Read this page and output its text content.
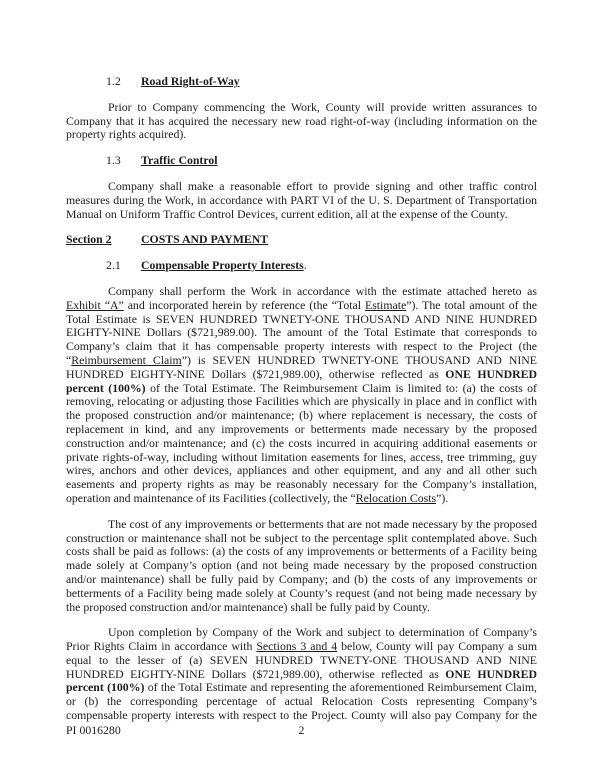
1.2 Road Right-of-Way

Prior to Company commencing the Work, County will provide written assurances to Company that it has acquired the necessary new road right-of-way (including information on the property rights acquired).

1.3 Traffic Control

Company shall make a reasonable effort to provide signing and other traffic control measures during the Work, in accordance with PART VI of the U. S. Department of Transportation Manual on Uniform Traffic Control Devices, current edition, all at the expense of the County.

Section 2 COSTS AND PAYMENT
2.1 Compensable Property Interests.

Company shall perform the Work in accordance with the estimate attached hereto as Exhibit “A” and incorporated herein by reference (the “Total Estimate”). The total amount of the Total Estimate is SEVEN HUNDRED TWNETY-ONE THOUSAND AND NINE HUNDRED EIGHTY-NINE Dollars ($721,989.00). The amount of the Total Estimate that corresponds to Company’s claim that it has compensable property interests with respect to the Project (the “Reimbursement Claim”) is SEVEN HUNDRED TWNETY-ONE THOUSAND AND NINE HUNDRED EIGHTY-NINE Dollars ($721,989.00), otherwise reflected as ONE HUNDRED percent (100%) of the Total Estimate. The Reimbursement Claim is limited to: (a) the costs of removing, relocating or adjusting those Facilities which are physically in place and in conflict with the proposed construction and/or maintenance; (b) where replacement is necessary, the costs of replacement in kind, and any improvements or betterments made necessary by the proposed construction and/or maintenance; and (c) the costs incurred in acquiring additional easements or private rights-of-way, including without limitation easements for lines, access, tree trimming, guy wires, anchors and other devices, appliances and other equipment, and any and all other such easements and property rights as may be reasonably necessary for the Company’s installation, operation and maintenance of its Facilities (collectively, the “Relocation Costs”).

The cost of any improvements or betterments that are not made necessary by the proposed construction or maintenance shall not be subject to the percentage split contemplated above. Such costs shall be paid as follows: (a) the costs of any improvements or betterments of a Facility being made solely at Company’s option (and not being made necessary by the proposed construction and/or maintenance) shall be fully paid by Company; and (b) the costs of any improvements or betterments of a Facility being made solely at County’s request (and not being made necessary by the proposed construction and/or maintenance) shall be fully paid by County.

Upon completion by Company of the Work and subject to determination of Company’s Prior Rights Claim in accordance with Sections 3 and 4 below, County will pay Company a sum equal to the lesser of (a) SEVEN HUNDRED TWNETY-ONE THOUSAND AND NINE HUNDRED EIGHTY-NINE Dollars ($721,989.00), otherwise reflected as ONE HUNDRED percent (100%) of the Total Estimate and representing the aforementioned Reimbursement Claim, or (b) the corresponding percentage of actual Relocation Costs representing Company’s compensable property interests with respect to the Project. County will also pay Company for the

PI 0016280	2
